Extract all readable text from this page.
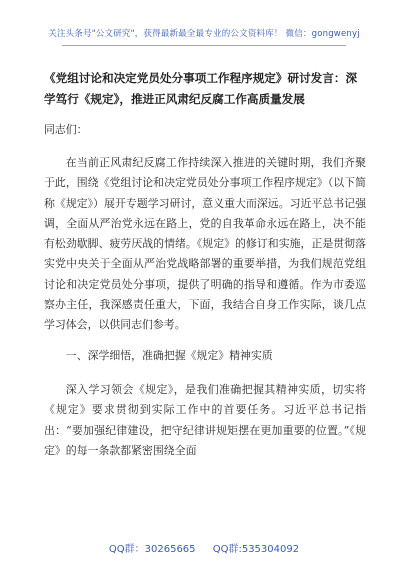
关注头条号"公文研究"，获得最新最全最专业的公文资料库！ 微信：gongwenyj
《党组讨论和决定党员处分事项工作程序规定》研讨发言：深学笃行《规定》，推进正风肃纪反腐工作高质量发展
同志们：
在当前正风肃纪反腐工作持续深入推进的关键时期，我们齐聚于此，围绕《党组讨论和决定党员处分事项工作程序规定》（以下简称《规定》）展开专题学习研讨，意义重大而深远。习近平总书记强调，全面从严治党永远在路上，党的自我革命永远在路上，决不能有松劲歇脚、疲劳厌战的情绪。《规定》的修订和实施，正是贯彻落实党中央关于全面从严治党战略部署的重要举措，为我们规范党组讨论和决定党员处分事项，提供了明确的指导和遵循。作为市委巡察办主任，我深感责任重大，下面，我结合自身工作实际，谈几点学习体会，以供同志们参考。
一、深学细悟，准确把握《规定》精神实质
深入学习领会《规定》，是我们准确把握其精神实质，切实将《规定》要求贯彻到实际工作中的首要任务。习近平总书记指出：“要加强纪律建设，把守纪律讲规矩摆在更加重要的位置。”《规定》的每一条款都紧密围绕全面
QQ群：30265665 QQ群:535304092
